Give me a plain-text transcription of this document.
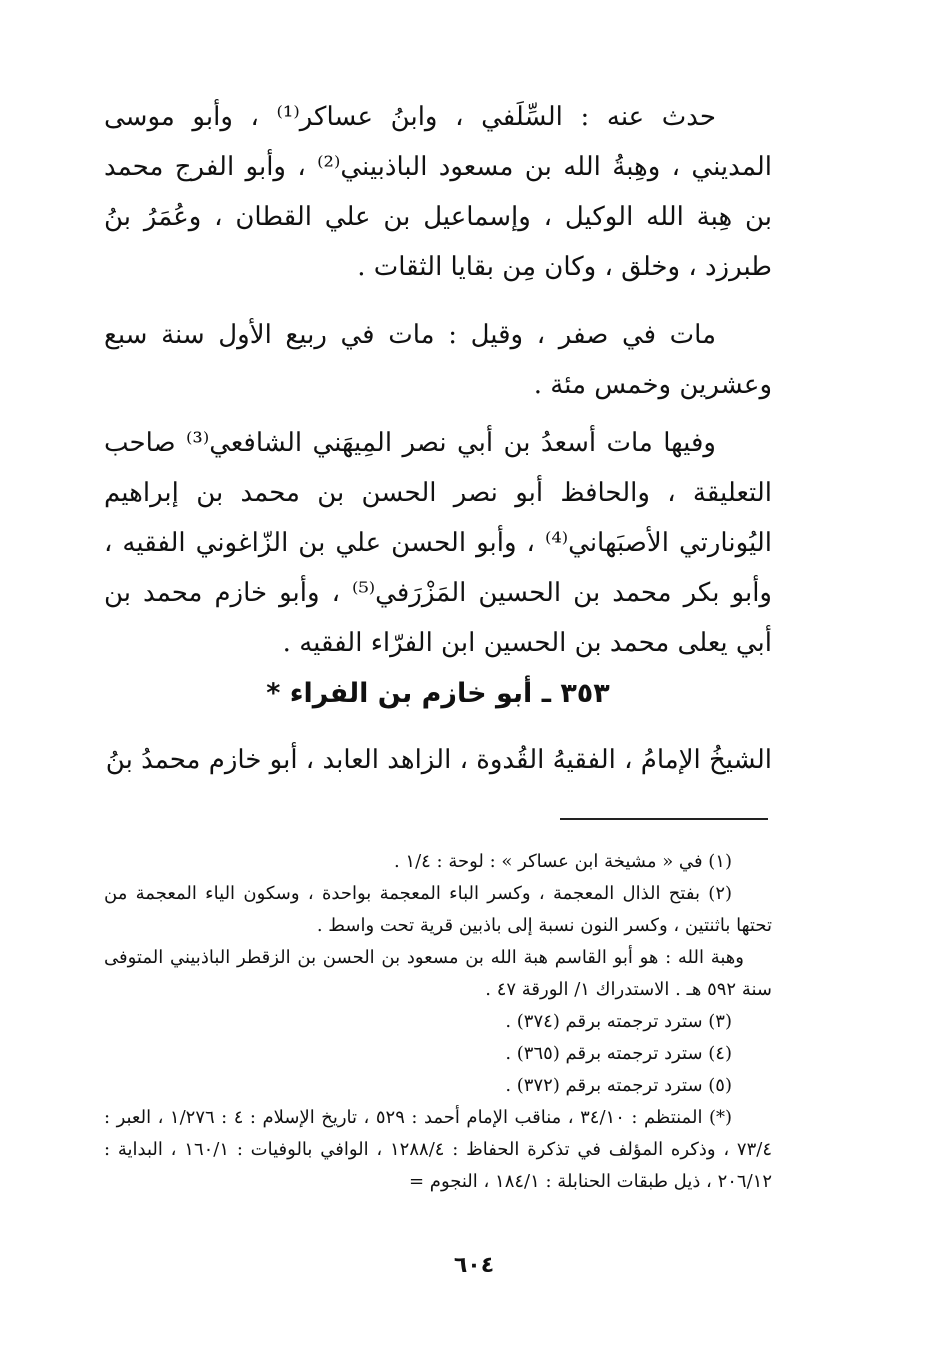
حدث عنه : السِّلَفي ، وابنُ عساكر⁽¹⁾ ، وأبو موسى المديني ، وهِبةُ الله بن مسعود الباذبيني⁽²⁾ ، وأبو الفرج محمد بن هِبة الله الوكيل ، وإسماعيل بن علي القطان ، وعُمَرُ بنُ طبرزد ، وخلق ، وكان مِن بقايا الثقات .

مات في صفر ، وقيل : مات في ربيع الأول سنة سبع وعشرين وخمس مئة .

وفيها مات أسعدُ بن أبي نصر المِيهَني الشافعي⁽³⁾ صاحب التعليقة ، والحافظ أبو نصر الحسن بن محمد بن إبراهيم اليُونارتي الأصبَهاني⁽⁴⁾ ، وأبو الحسن علي بن الزّاغوني الفقيه ، وأبو بكر محمد بن الحسين المَزْرَفي⁽⁵⁾ ، وأبو خازم محمد بن أبي يعلى محمد بن الحسين ابن الفرّاء الفقيه .

٣٥٣ ـ أبو خازم بن الفراء *

الشيخُ الإمامُ ، الفقيهُ القُدوة ، الزاهد العابد ، أبو خازم محمدُ بنُ

(١) في « مشيخة ابن عساكر » : لوحة : ١/٤ .

(٢) بفتح الذال المعجمة ، وكسر الباء المعجمة بواحدة ، وسكون الياء المعجمة من تحتها باثنتين ، وكسر النون نسبة إلى باذبين قرية تحت واسط .

وهبة الله : هو أبو القاسم هبة الله بن مسعود بن الحسن بن الزقطر الباذبيني المتوفى سنة ٥٩٢ هـ . الاستدراك ١/ الورقة ٤٧ .

(٣) سترد ترجمته برقم (٣٧٤) .

(٤) سترد ترجمته برقم (٣٦٥) .

(٥) سترد ترجمته برقم (٣٧٢) .

(*) المنتظم : ٣٤/١٠ ، مناقب الإمام أحمد : ٥٢٩ ، تاريخ الإسلام : ٤ : ١/٢٧٦ ، العبر : ٧٣/٤ ، وذكره المؤلف في تذكرة الحفاظ : ١٢٨٨/٤ ، الوافي بالوفيات : ١٦٠/١ ، البداية : ٢٠٦/١٢ ، ذيل طبقات الحنابلة : ١٨٤/١ ، النجوم =

٦٠٤
